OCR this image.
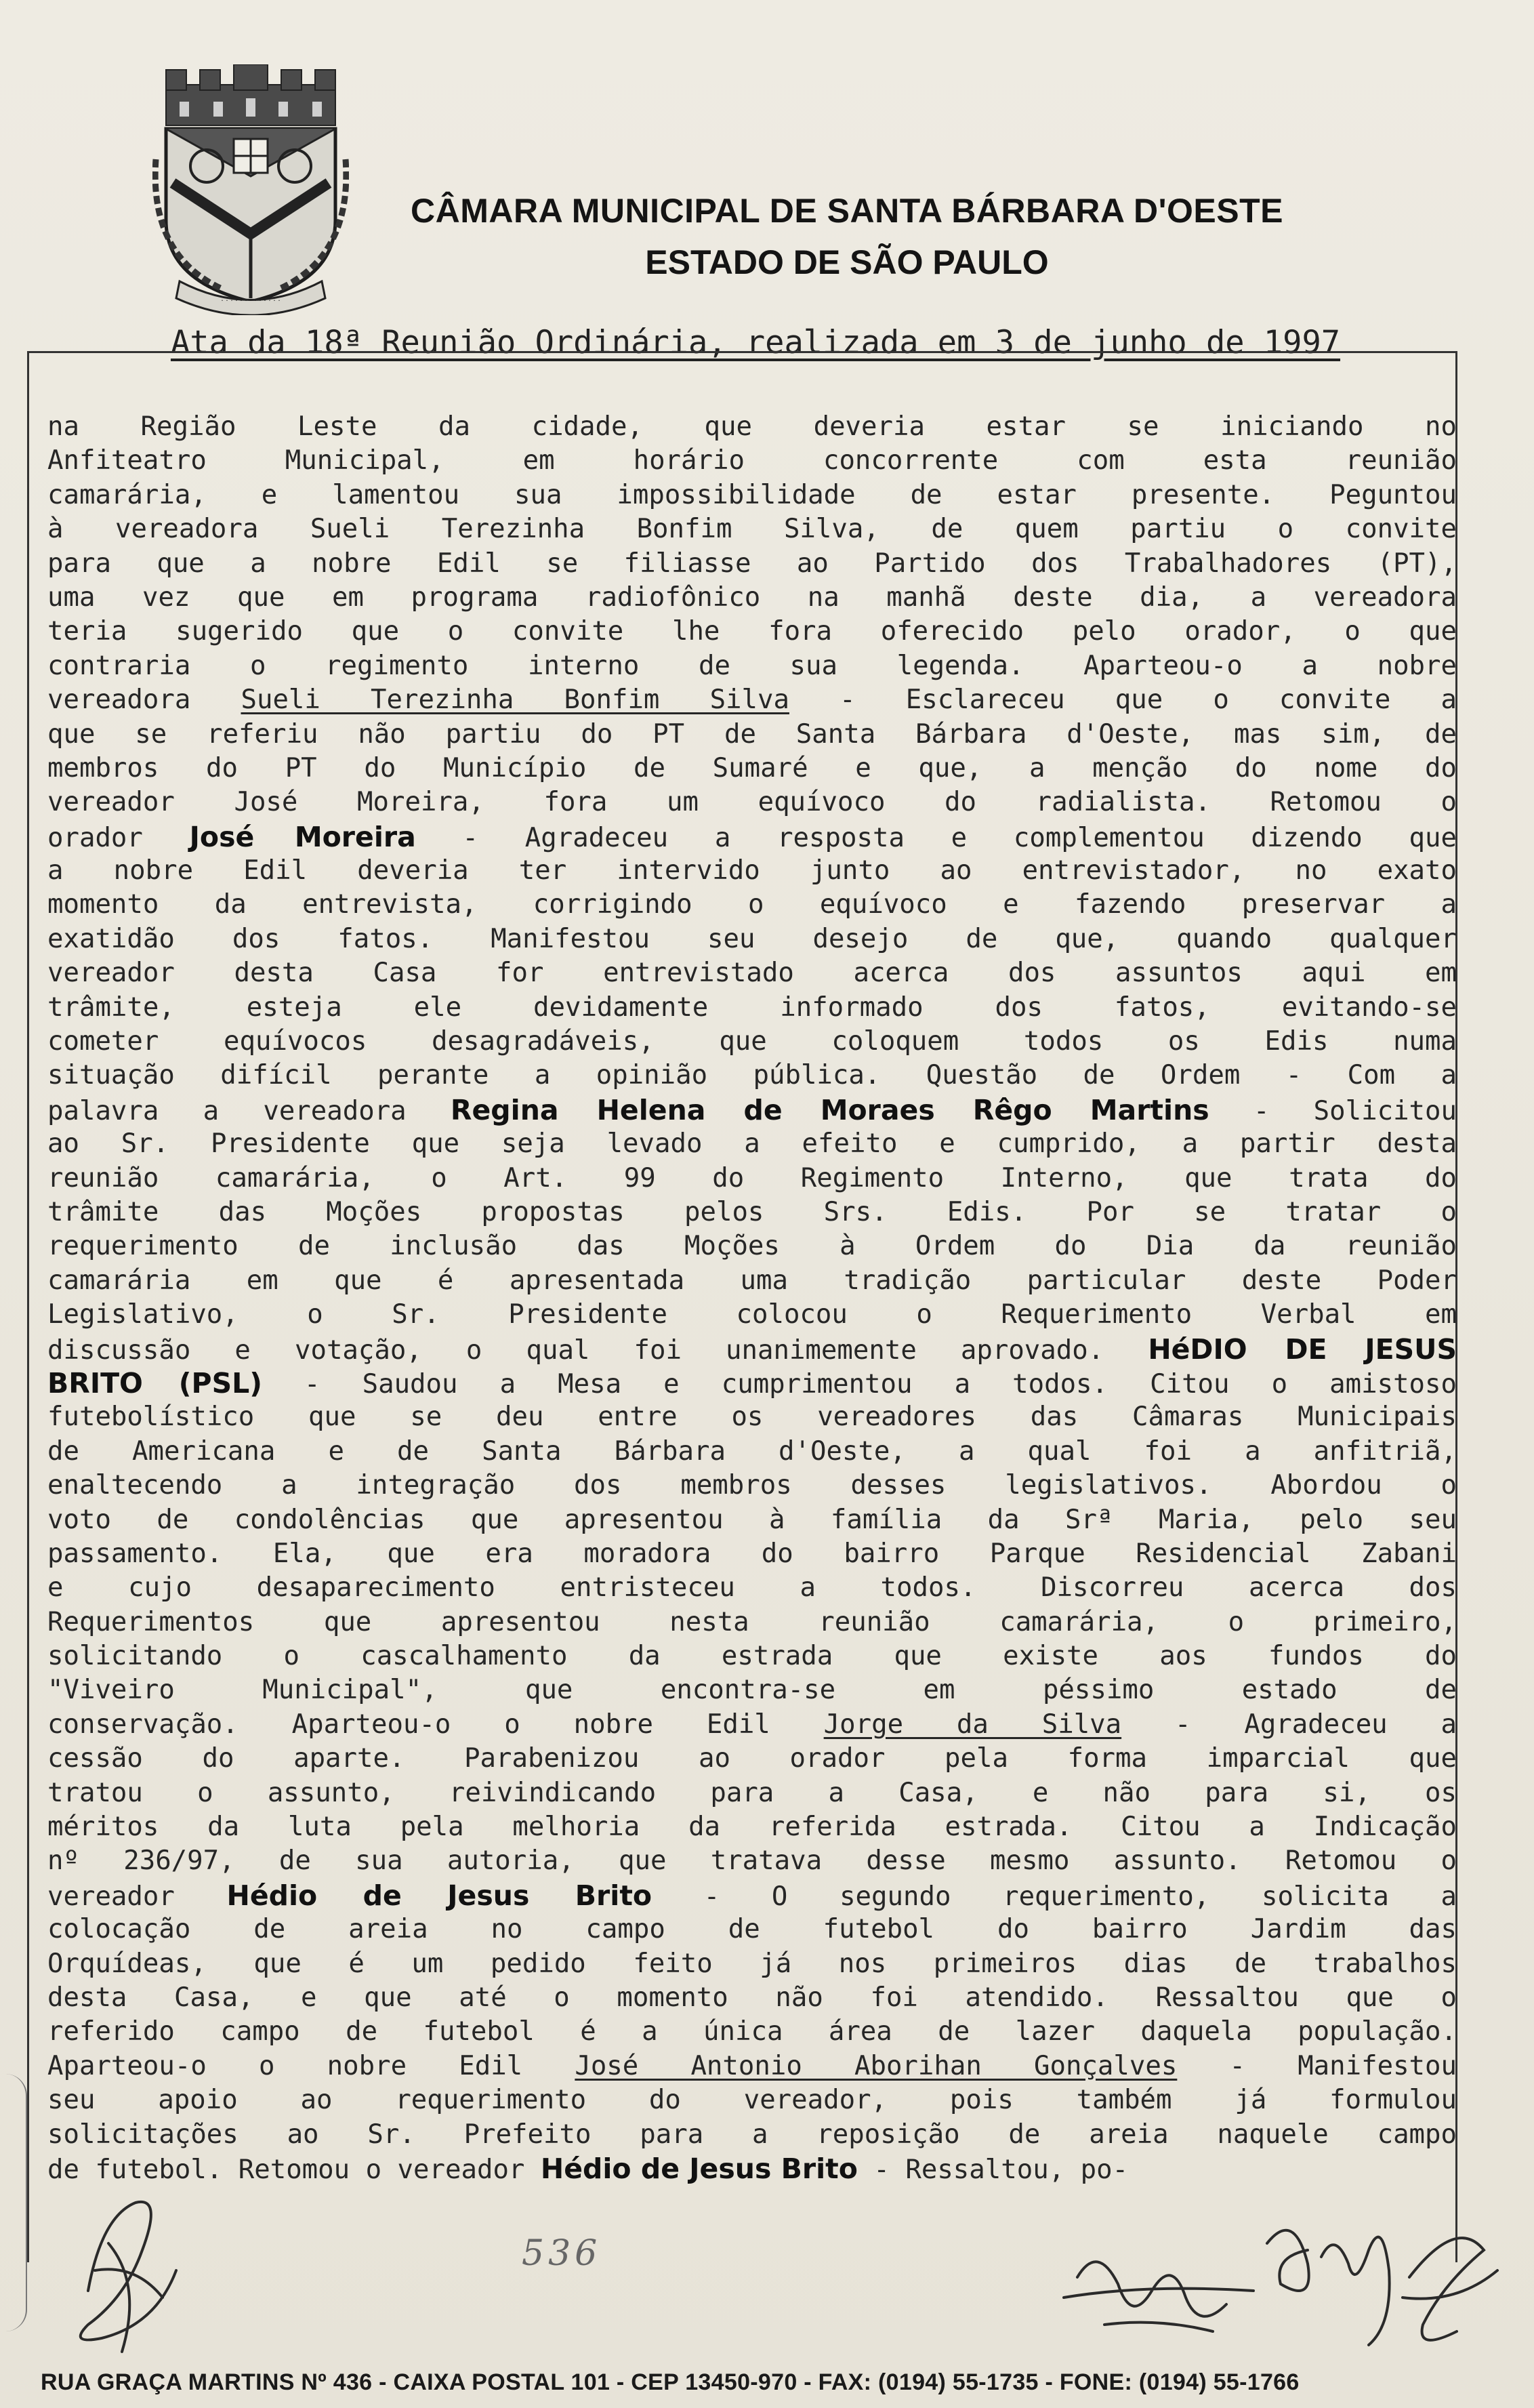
· · · · · · · · · · · · ·
CÂMARA MUNICIPAL DE SANTA BÁRBARA D'OESTE
ESTADO DE SÃO PAULO
Ata da 18ª Reunião Ordinária, realizada em 3 de junho de 1997
na Região Leste da cidade, que deveria estar se iniciando no
Anfiteatro Municipal, em horário concorrente com esta reunião
camarária, e lamentou sua impossibilidade de estar presente. Peguntou
à vereadora Sueli Terezinha Bonfim Silva, de quem partiu o convite
para que a nobre Edil se filiasse ao Partido dos Trabalhadores (PT),
uma vez que em programa radiofônico na manhã deste dia, a vereadora
teria sugerido que o convite lhe fora oferecido pelo orador, o que
contraria o regimento interno de sua legenda. Aparteou-o a nobre
vereadora Sueli Terezinha Bonfim Silva - Esclareceu que o convite a
que se referiu não partiu do PT de Santa Bárbara d'Oeste, mas sim, de
membros do PT do Município de Sumaré e que, a menção do nome do
vereador José Moreira, fora um equívoco do radialista. Retomou o
orador José Moreira - Agradeceu a resposta e complementou dizendo que
a nobre Edil deveria ter intervido junto ao entrevistador, no exato
momento da entrevista, corrigindo o equívoco e fazendo preservar a
exatidão dos fatos. Manifestou seu desejo de que, quando qualquer
vereador desta Casa for entrevistado acerca dos assuntos aqui em
trâmite, esteja ele devidamente informado dos fatos, evitando-se
cometer equívocos desagradáveis, que coloquem todos os Edis numa
situação difícil perante a opinião pública. Questão de Ordem - Com a
palavra a vereadora Regina Helena de Moraes Rêgo Martins - Solicitou
ao Sr. Presidente que seja levado a efeito e cumprido, a partir desta
reunião camarária, o Art. 99 do Regimento Interno, que trata do
trâmite das Moções propostas pelos Srs. Edis. Por se tratar o
requerimento de inclusão das Moções à Ordem do Dia da reunião
camarária em que é apresentada uma tradição particular deste Poder
Legislativo, o Sr. Presidente colocou o Requerimento Verbal em
discussão e votação, o qual foi unanimemente aprovado. HéDIO DE JESUS
BRITO (PSL) - Saudou a Mesa e cumprimentou a todos. Citou o amistoso
futebolístico que se deu entre os vereadores das Câmaras Municipais
de Americana e de Santa Bárbara d'Oeste, a qual foi a anfitriã,
enaltecendo a integração dos membros desses legislativos. Abordou o
voto de condolências que apresentou à família da Srª Maria, pelo seu
passamento. Ela, que era moradora do bairro Parque Residencial Zabani
e cujo desaparecimento entristeceu a todos. Discorreu acerca dos
Requerimentos que apresentou nesta reunião camarária, o primeiro,
solicitando o cascalhamento da estrada que existe aos fundos do
"Viveiro Municipal", que encontra-se em péssimo estado de
conservação. Aparteou-o o nobre Edil Jorge da Silva - Agradeceu a
cessão do aparte. Parabenizou ao orador pela forma imparcial que
tratou o assunto, reivindicando para a Casa, e não para si, os
méritos da luta pela melhoria da referida estrada. Citou a Indicação
nº 236/97, de sua autoria, que tratava desse mesmo assunto. Retomou o
vereador Hédio de Jesus Brito - O segundo requerimento, solicita a
colocação de areia no campo de futebol do bairro Jardim das
Orquídeas, que é um pedido feito já nos primeiros dias de trabalhos
desta Casa, e que até o momento não foi atendido. Ressaltou que o
referido campo de futebol é a única área de lazer daquela população.
Aparteou-o o nobre Edil José Antonio Aborihan Gonçalves - Manifestou
seu apoio ao requerimento do vereador, pois também já formulou
solicitações ao Sr. Prefeito para a reposição de areia naquele campo
de futebol. Retomou o vereador Hédio de Jesus Brito - Ressaltou, po-
536
RUA GRAÇA MARTINS Nº 436 - CAIXA POSTAL 101 - CEP 13450-970 - FAX: (0194) 55-1735 - FONE: (0194) 55-1766
